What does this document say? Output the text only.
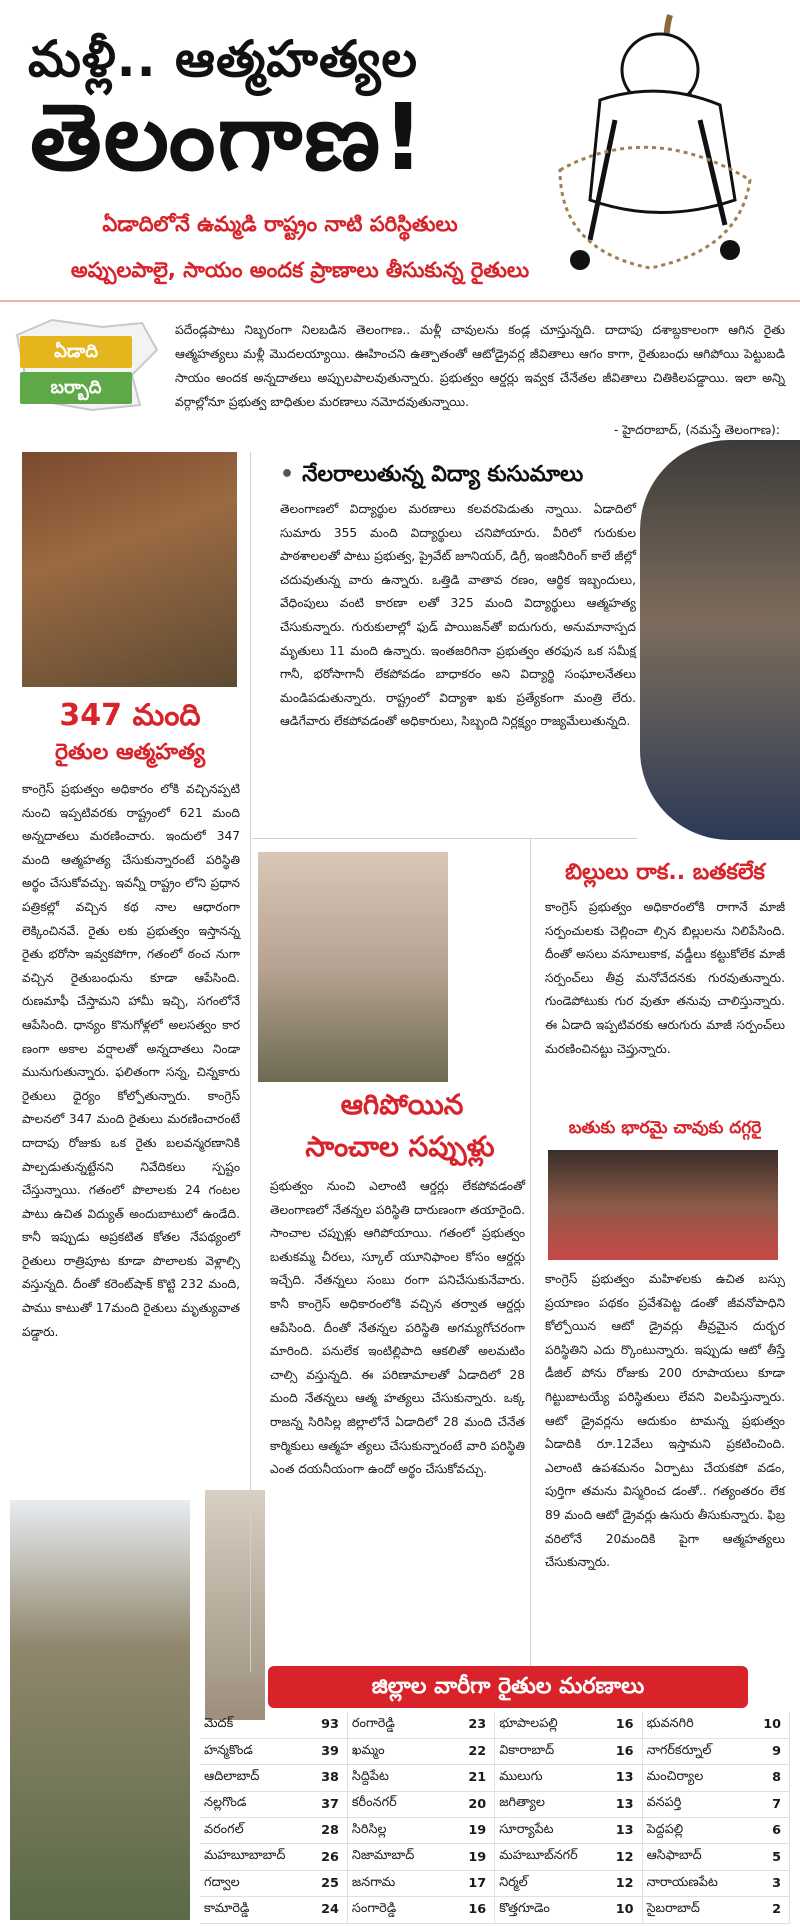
మళ్లీ.. ఆత్మహత్యల
తెలంగాణ!
ఏడాదిలోనే ఉమ్మడి రాష్ట్రం నాటి పరిస్థితులు
అప్పులపాలై, సాయం అందక ప్రాణాలు తీసుకున్న రైతులు
ఏడాది
బర్బాది

పదేండ్లపాటు నిబ్బరంగా నిలబడిన తెలంగాణ.. మళ్లీ చావులను కండ్ల చూస్తున్నది. దాదాపు దశాబ్దకాలంగా ఆగిన రైతు ఆత్మహత్యలు మళ్లీ మొదలయ్యాయి. ఊహించని ఉత్పాతంతో ఆటోడ్రైవర్ల జీవితాలు ఆగం కాగా, రైతుబంధు ఆగిపోయి పెట్టుబడి సాయం అందక అన్నదాతలు అప్పులపాలవుతున్నారు. ప్రభుత్వం ఆర్డర్లు ఇవ్వక చేనేతల జీవితాలు చితికిలపడ్డాయి. ఇలా అన్ని వర్గాల్లోనూ ప్రభుత్వ బాధితుల మరణాలు నమోదవుతున్నాయి.

- హైదరాబాద్, (నమస్తే తెలంగాణ):
347 మంది
రైతుల ఆత్మహత్య

కాంగ్రెస్ ప్రభుత్వం అధికారం లోకి వచ్చినప్పటి నుంచి ఇప్పటివరకు రాష్ట్రంలో 621 మంది అన్నదాతలు మరణించారు. ఇందులో 347 మంది ఆత్మహత్య చేసుకున్నారంటే పరిస్థితి అర్థం చేసుకోవచ్చు. ఇవన్నీ రాష్ట్రం లోని ప్రధాన పత్రికల్లో వచ్చిన కథ నాల ఆధారంగా లెక్కించినవే. రైతు లకు ప్రభుత్వం ఇస్తానన్న రైతు భరోసా ఇవ్వకపోగా, గతంలో ఠంచ నుగా వచ్చిన రైతుబంధును కూడా ఆపేసింది. రుణమాఫీ చేస్తామని హామీ ఇచ్చి, సగంలోనే ఆపేసింది. ధాన్యం కొనుగోళ్లలో అలసత్వం కార ణంగా అకాల వర్షాలతో అన్నదాతలు నిండా మునుగుతున్నారు. ఫలితంగా సన్న, చిన్నకారు రైతులు ధైర్యం కోల్పోతున్నారు. కాంగ్రెస్ పాలనలో 347 మంది రైతులు మరణించారంటే దాదాపు రోజుకు ఒక రైతు బలవన్మరణానికి పాల్పడుతున్నట్టేనని నివేదికలు స్పష్టం చేస్తున్నాయి. గతంలో పొలాలకు 24 గంటల పాటు ఉచిత విద్యుత్ అందుబాటులో ఉండేది. కానీ ఇప్పుడు అప్రకటిత కోతల నేపథ్యంలో రైతులు రాత్రిపూట కూడా పొలాలకు వెళ్లాల్సి వస్తున్నది. దీంతో కరెంట్‌షాక్ కొట్టి 232 మంది, పాము కాటుతో 17మంది రైతులు మృత్యువాత పడ్డారు.

• నేలరాలుతున్న విద్యా కుసుమాలు

తెలంగాణలో విద్యార్థుల మరణాలు కలవరపెడుతు న్నాయి. ఏడాదిలో సుమారు 355 మంది విద్యార్థులు చనిపోయారు. వీరిలో గురుకుల పాఠశాలలతో పాటు ప్రభుత్వ, ప్రైవేట్ జూనియర్, డిగ్రీ, ఇంజినీరింగ్ కాలే జీల్లో చదువుతున్న వారు ఉన్నారు. ఒత్తిడి వాతావ రణం, ఆర్థిక ఇబ్బందులు, వేధింపులు వంటి కారణా లతో 325 మంది విద్యార్థులు ఆత్మహత్య చేసుకున్నారు. గురుకులాల్లో ఫుడ్ పాయిజన్‌తో ఐదుగురు, అనుమానాస్పద మృతులు 11 మంది ఉన్నారు. ఇంతజరిగినా ప్రభుత్వం తరఫున ఒక సమీక్ష గానీ, భరోసాగానీ లేకపోవడం బాధాకరం అని విద్యార్థి సంఘాలనేతలు మండిపడుతున్నారు. రాష్ట్రంలో విద్యాశా ఖకు ప్రత్యేకంగా మంత్రి లేరు. ఆడిగేవారు లేకపోవడంతో అధికారులు, సిబ్బంది నిర్లక్ష్యం రాజ్యమేలుతున్నది.

ఆగిపోయిన
సాంచాల సప్పుళ్లు

ప్రభుత్వం నుంచి ఎలాంటి ఆర్డర్లు లేకపోవడంతో తెలంగాణలో నేతన్నల పరిస్థితి దారుణంగా తయారైంది. సాంచాల చప్పుళ్లు ఆగిపోయాయి. గతంలో ప్రభుత్వం బతుకమ్మ చీరలు, స్కూల్ యూనిఫాంల కోసం ఆర్డర్లు ఇచ్చేది. నేతన్నలు సంబు రంగా పనిచేసుకునేవారు. కానీ కాంగ్రెస్ అధికారంలోకి వచ్చిన తర్వాత ఆర్డర్లు ఆపేసింది. దీంతో నేతన్నల పరిస్థితి అగమ్యగోచరంగా మారింది. పనులేక ఇంటిల్లిపాది ఆకలితో అలమటిం చాల్సి వస్తున్నది. ఈ పరిణామాలతో ఏడాదిలో 28 మంది నేతన్నలు ఆత్మ హత్యలు చేసుకున్నారు. ఒక్క రాజన్న సిరిసిల్ల జిల్లాలోనే ఏడాదిలో 28 మంది చేనేత కార్మికులు ఆత్మహ త్యలు చేసుకున్నారంటే వారి పరిస్థితి ఎంత దయనీయంగా ఉందో అర్థం చేసుకోవచ్చు.

బిల్లులు రాక.. బతకలేక

కాంగ్రెస్ ప్రభుత్వం అధికారంలోకి రాగానే మాజీ సర్పంచులకు చెల్లించా ల్సిన బిల్లులను నిలిపేసింది. దీంతో అసలు వసూలుకాక, వడ్డీలు కట్టుకోలేక మాజీ సర్పంచ్‌లు తీవ్ర మనోవేదనకు గురవుతున్నారు. గుండెపోటుకు గుర వుతూ తనువు చాలిస్తున్నారు. ఈ ఏడాది ఇప్పటివరకు ఆరుగురు మాజీ సర్పంచ్‌లు మరణించినట్టు చెప్తున్నారు.

బతుకు భారమై చావుకు దగ్గరై

కాంగ్రెస్ ప్రభుత్వం మహిళలకు ఉచిత బస్సు ప్రయాణం పథకం ప్రవేశపెట్ట డంతో జీవనోపాధిని కోల్పోయిన ఆటో డ్రైవర్లు తీవ్రమైన దుర్భర పరిస్థితిని ఎదు ర్కొంటున్నారు. ఇప్పుడు ఆటో తీస్తే డీజిల్ పోను రోజుకు 200 రూపాయలు కూడా గిట్టుబాటయ్యే పరిస్థితులు లేవని విలపిస్తున్నారు. ఆటో డ్రైవర్లను ఆదుకుం టామన్న ప్రభుత్వం ఏడాదికి రూ.12వేలు ఇస్తామని ప్రకటించింది. ఎలాంటి ఉపశమనం ఏర్పాటు చేయకపో వడం, పుర్తిగా తమను విస్మరించ డంతో.. గత్యంతరం లేక 89 మంది ఆటో డ్రైవర్లు ఉసురు తీసుకున్నారు. ఫిబ్ర వరిలోనే 20మందికి పైగా ఆత్మహత్యలు చేసుకున్నారు.

జిల్లాల వారీగా రైతుల మరణాలు
మెదక్	93	రంగారెడ్డి	23	భూపాలపల్లి	16	భువనగిరి	10
హన్మకొండ	39	ఖమ్మం	22	వికారాబాద్	16	నాగర్‌కర్నూల్	9
ఆదిలాబాద్	38	సిద్దిపేట	21	ములుగు	13	మంచిర్యాల	8
నల్లగొండ	37	కరీంనగర్	20	జగిత్యాల	13	వనపర్తి	7
వరంగల్	28	సిరిసిల్ల	19	సూర్యాపేట	13	పెద్దపల్లి	6
మహబూబాబాద్	26	నిజామాబాద్	19	మహబూబ్‌నగర్	12	ఆసిఫాబాద్	5
గద్వాల	25	జనగామ	17	నిర్మల్	12	నారాయణపేట	3
కామారెడ్డి	24	సంగారెడ్డి	16	కొత్తగూడెం	10	సైబరాబాద్	2
